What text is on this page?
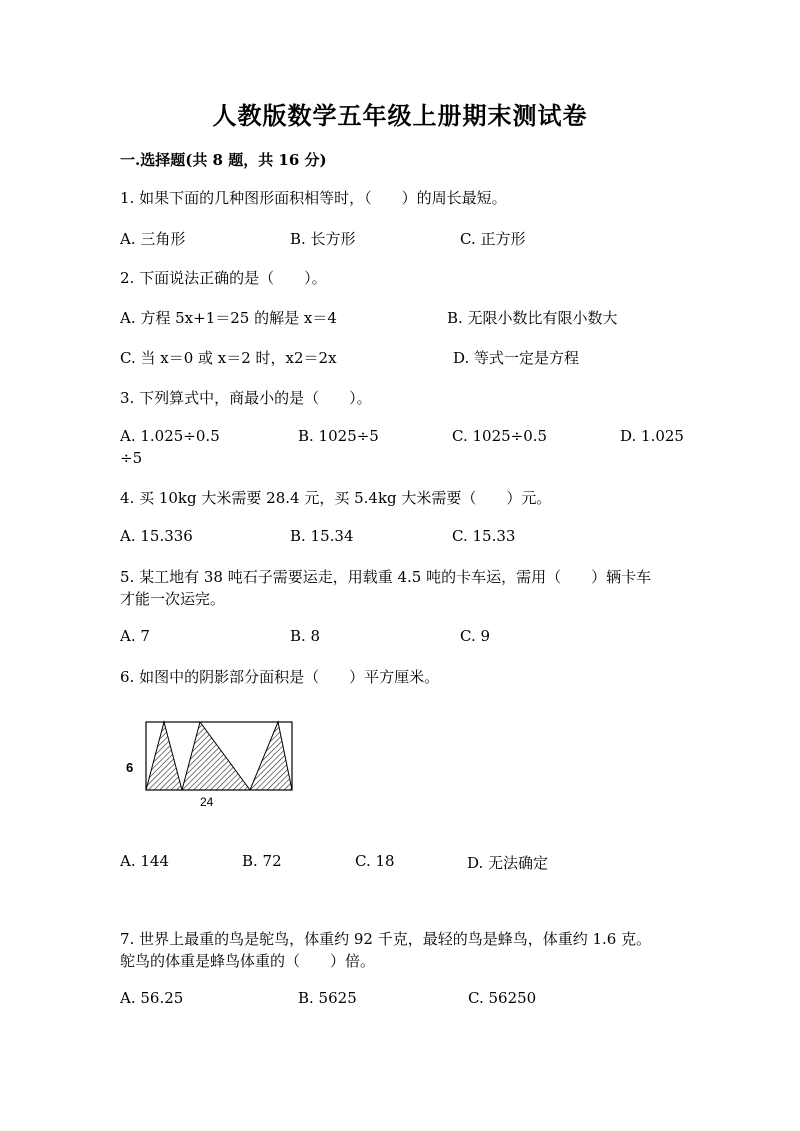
人教版数学五年级上册期末测试卷
一.选择题(共 8 题，共 16 分)
1. 如果下面的几种图形面积相等时，（　　）的周长最短。
A. 三角形	B. 长方形	C. 正方形
2. 下面说法正确的是（　　）。
A. 方程 5x+1＝25 的解是 x＝4	B. 无限小数比有限小数大
C. 当 x＝0 或 x＝2 时，x2＝2x	D. 等式一定是方程
3. 下列算式中，商最小的是（　　）。
A. 1.025÷0.5	B. 1025÷5	C. 1025÷0.5	D. 1.025
÷5
4. 买 10kg 大米需要 28.4 元，买 5.4kg 大米需要（　　）元。
A. 15.336	B. 15.34	C. 15.33
5. 某工地有 38 吨石子需要运走，用载重 4.5 吨的卡车运，需用（　　）辆卡车
才能一次运完。
A. 7	B. 8	C. 9
6. 如图中的阴影部分面积是（　　）平方厘米。
6
24
A. 144	B. 72	C. 18	D. 无法确定
7. 世界上最重的鸟是鸵鸟，体重约 92 千克，最轻的鸟是蜂鸟，体重约 1.6 克。
鸵鸟的体重是蜂鸟体重的（　　）倍。
A. 56.25	B. 5625	C. 56250
